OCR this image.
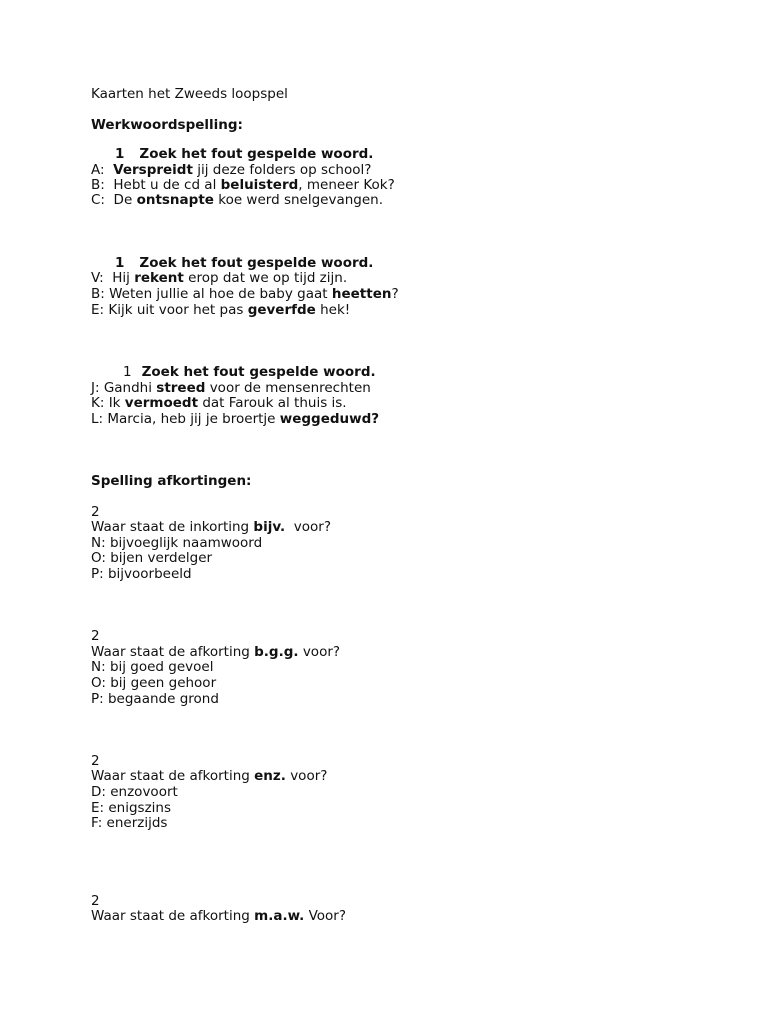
Kaarten het Zweeds loopspel
Werkwoordspelling:
1 Zoek het fout gespelde woord.
A:  Verspreidt jij deze folders op school?
B:  Hebt u de cd al beluisterd, meneer Kok?
C:  De ontsnapte koe werd snelgevangen.
1 Zoek het fout gespelde woord.
V:  Hij rekent erop dat we op tijd zijn.
B: Weten jullie al hoe de baby gaat heetten?
E: Kijk uit voor het pas geverfde hek!
1 Zoek het fout gespelde woord.
J: Gandhi streed voor de mensenrechten
K: Ik vermoedt dat Farouk al thuis is.
L: Marcia, heb jij je broertje weggeduwd?
Spelling afkortingen:
2
Waar staat de inkorting bijv.  voor?
N: bijvoeglijk naamwoord
O: bijen verdelger
P: bijvoorbeeld
2
Waar staat de afkorting b.g.g. voor?
N: bij goed gevoel
O: bij geen gehoor
P: begaande grond
2
Waar staat de afkorting enz. voor?
D: enzovoort
E: enigszins
F: enerzijds
2
Waar staat de afkorting m.a.w. Voor?
